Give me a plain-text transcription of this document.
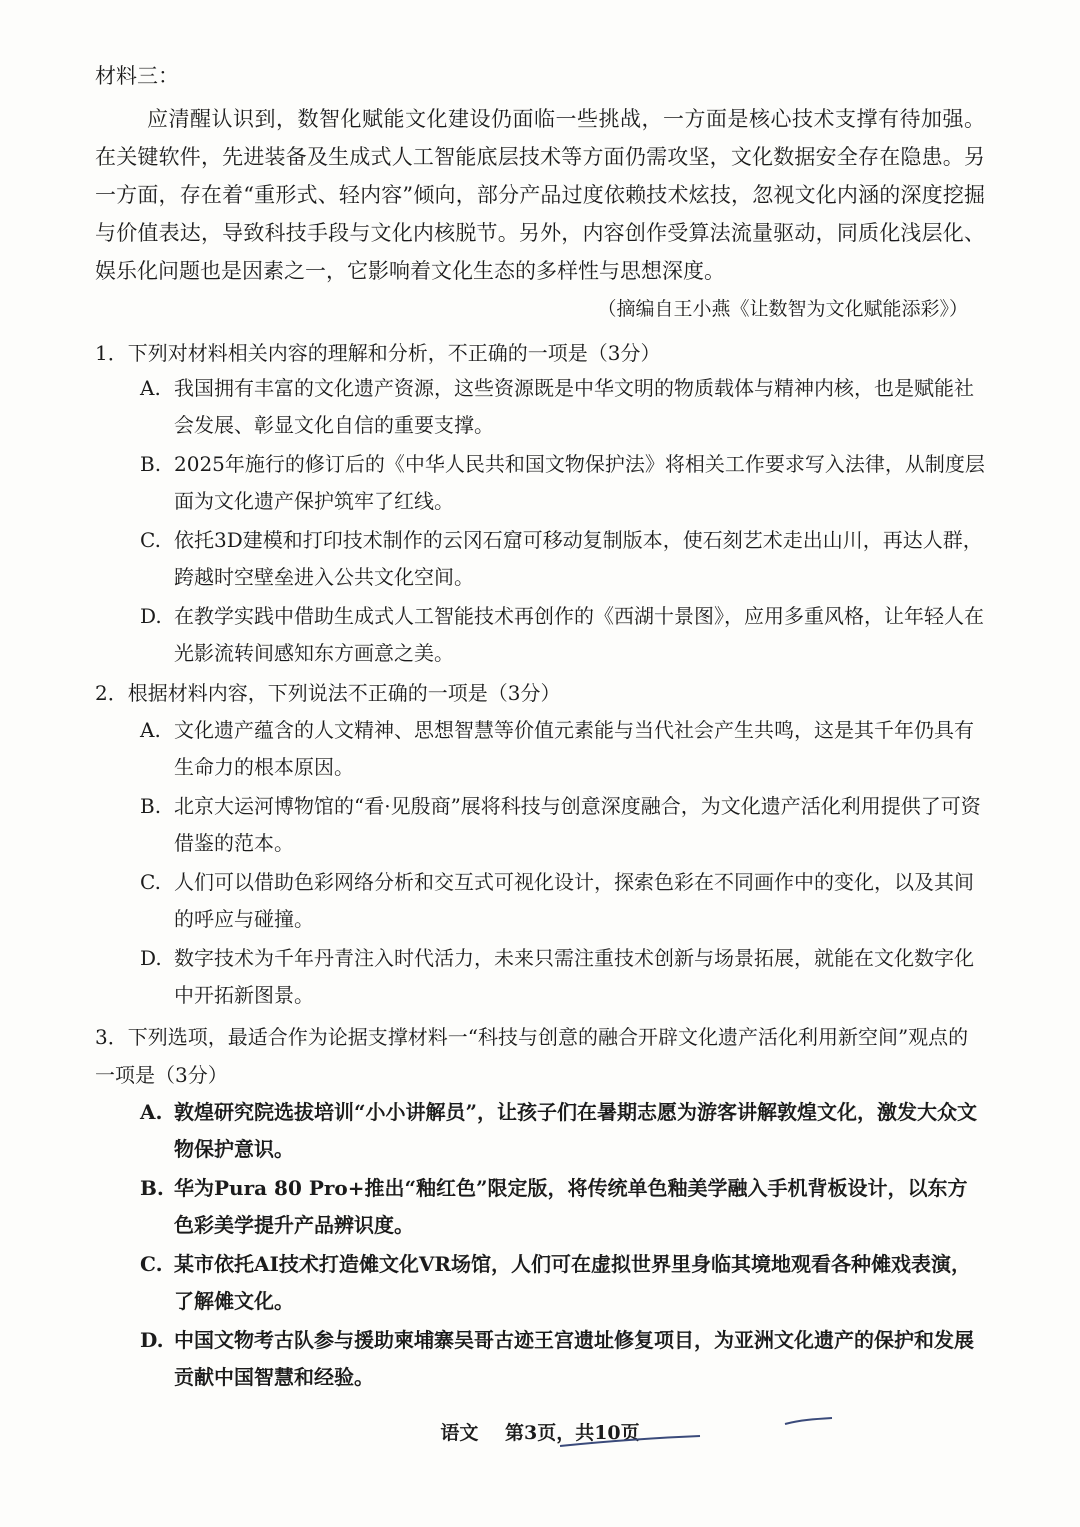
材料三：
应清醒认识到，数智化赋能文化建设仍面临一些挑战，一方面是核心技术支撑有待加强。在关键软件，先进装备及生成式人工智能底层技术等方面仍需攻坚，文化数据安全存在隐患。另一方面，存在着“重形式、轻内容”倾向，部分产品过度依赖技术炫技，忽视文化内涵的深度挖掘与价值表达，导致科技手段与文化内核脱节。另外，内容创作受算法流量驱动，同质化浅层化、娱乐化问题也是因素之一，它影响着文化生态的多样性与思想深度。
（摘编自王小燕《让数智为文化赋能添彩》）
1．下列对材料相关内容的理解和分析，不正确的一项是（3分）
A. 我国拥有丰富的文化遗产资源，这些资源既是中华文明的物质载体与精神内核，也是赋能社会发展、彰显文化自信的重要支撑。
B. 2025年施行的修订后的《中华人民共和国文物保护法》将相关工作要求写入法律，从制度层面为文化遗产保护筑牢了红线。
C. 依托3D建模和打印技术制作的云冈石窟可移动复制版本，使石刻艺术走出山川，再达人群，跨越时空壁垒进入公共文化空间。
D. 在教学实践中借助生成式人工智能技术再创作的《西湖十景图》，应用多重风格，让年轻人在光影流转间感知东方画意之美。
2．根据材料内容，下列说法不正确的一项是（3分）
A. 文化遗产蕴含的人文精神、思想智慧等价值元素能与当代社会产生共鸣，这是其千年仍具有生命力的根本原因。
B. 北京大运河博物馆的“看·见殷商”展将科技与创意深度融合，为文化遗产活化利用提供了可资借鉴的范本。
C. 人们可以借助色彩网络分析和交互式可视化设计，探索色彩在不同画作中的变化，以及其间的呼应与碰撞。
D. 数字技术为千年丹青注入时代活力，未来只需注重技术创新与场景拓展，就能在文化数字化中开拓新图景。
3．下列选项，最适合作为论据支撑材料一“科技与创意的融合开辟文化遗产活化利用新空间”观点的一项是（3分）
A. 敦煌研究院选拔培训“小小讲解员”，让孩子们在暑期志愿为游客讲解敦煌文化，激发大众文物保护意识。
B. 华为Pura 80 Pro+推出“釉红色”限定版，将传统单色釉美学融入手机背板设计，以东方色彩美学提升产品辨识度。
C. 某市依托AI技术打造傩文化VR场馆，人们可在虚拟世界里身临其境地观看各种傩戏表演，了解傩文化。
D. 中国文物考古队参与援助柬埔寨吴哥古迹王宫遗址修复项目，为亚洲文化遗产的保护和发展贡献中国智慧和经验。
语文 第3页，共10页
